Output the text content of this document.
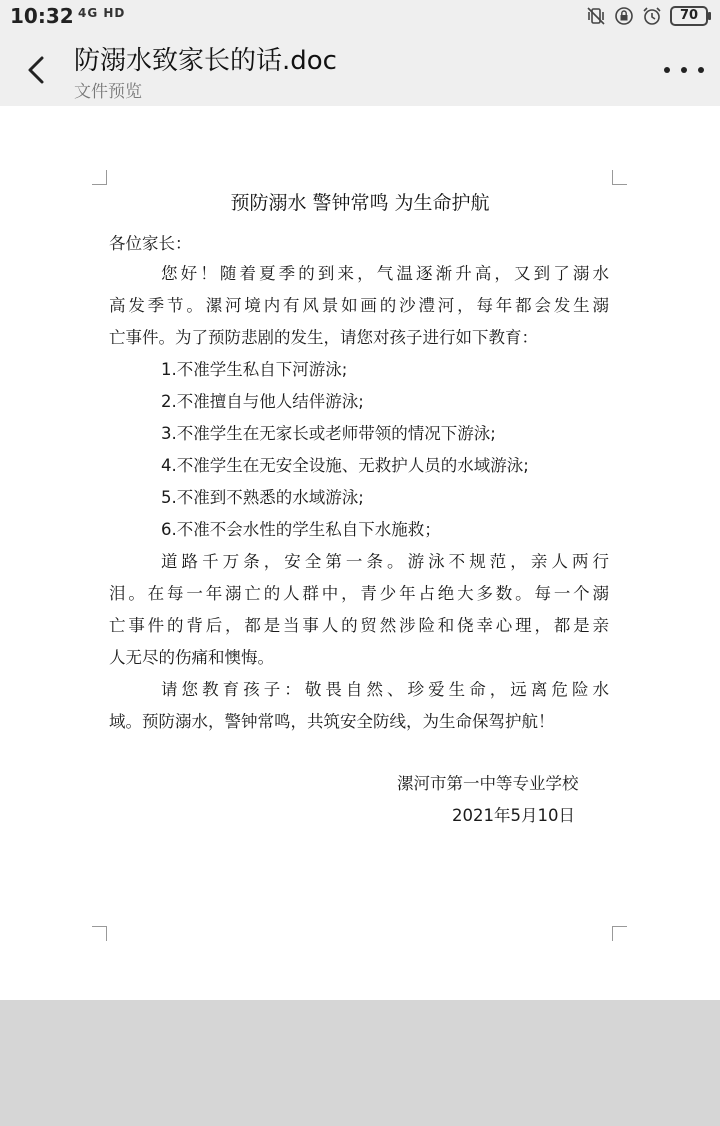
10:32 4G HD	70
防溺水致家长的话.doc
文件预览
预防溺水 警钟常鸣 为生命护航
各位家长：
您好！随着夏季的到来，气温逐渐升高，又到了溺水
高发季节。漯河境内有风景如画的沙澧河，每年都会发生溺
亡事件。为了预防悲剧的发生，请您对孩子进行如下教育：
1.不准学生私自下河游泳;
2.不准擅自与他人结伴游泳;
3.不准学生在无家长或老师带领的情况下游泳;
4.不准学生在无安全设施、无救护人员的水域游泳;
5.不准到不熟悉的水域游泳;
6.不准不会水性的学生私自下水施救；
道路千万条，安全第一条。游泳不规范，亲人两行
泪。在每一年溺亡的人群中，青少年占绝大多数。每一个溺
亡事件的背后，都是当事人的贸然涉险和侥幸心理，都是亲
人无尽的伤痛和懊悔。
请您教育孩子：敬畏自然、珍爱生命，远离危险水
域。预防溺水，警钟常鸣，共筑安全防线，为生命保驾护航！
漯河市第一中等专业学校
2021年5月10日
